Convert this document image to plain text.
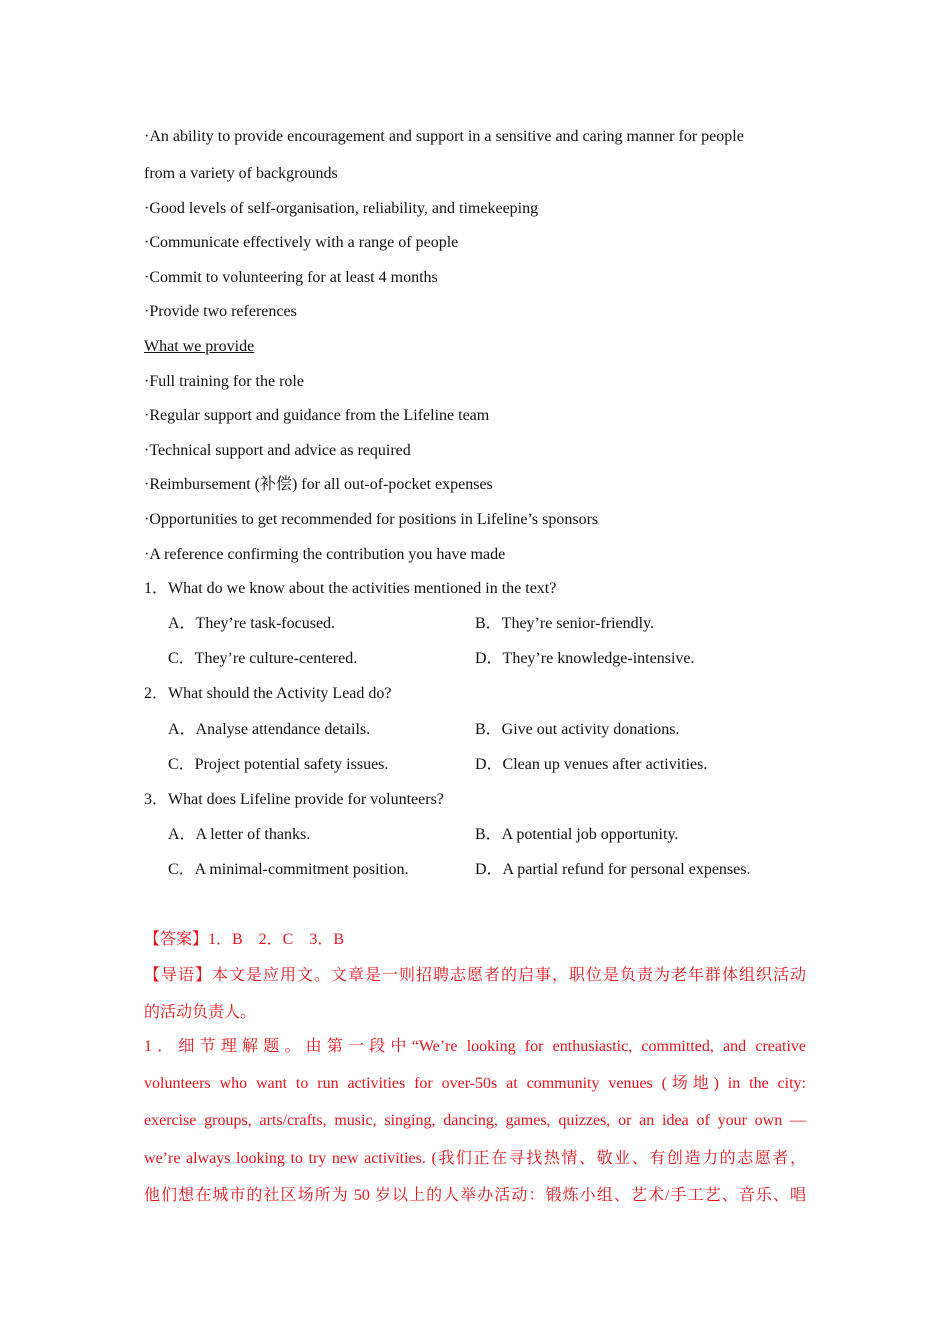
·An ability to provide encouragement and support in a sensitive and caring manner for people
from a variety of backgrounds
·Good levels of self-organisation, reliability, and timekeeping
·Communicate effectively with a range of people
·Commit to volunteering for at least 4 months
·Provide two references
What we provide
·Full training for the role
·Regular support and guidance from the Lifeline team
·Technical support and advice as required
·Reimbursement (补偿) for all out-of-pocket expenses
·Opportunities to get recommended for positions in Lifeline’s sponsors
·A reference confirming the contribution you have made
1．What do we know about the activities mentioned in the text?
A．They’re task-focused.	B．They’re senior-friendly.
C．They’re culture-centered.	D．They’re knowledge-intensive.
2．What should the Activity Lead do?
A．Analyse attendance details.	B．Give out activity donations.
C．Project potential safety issues.	D．Clean up venues after activities.
3．What does Lifeline provide for volunteers?
A．A letter of thanks.	B．A potential job opportunity.
C．A minimal-commitment position.	D．A partial refund for personal expenses.
【答案】1．B　2．C　3．B
【导语】本文是应用文。文章是一则招聘志愿者的启事，职位是负责为老年群体组织活动
的活动负责人。
1．细节理解题。由第一段中“We’re looking for enthusiastic, committed, and creative
volunteers who want to run activities for over-50s at community venues (场地) in the city:
exercise groups, arts/crafts, music, singing, dancing, games, quizzes, or an idea of your own —
we’re always looking to try new activities. (我们正在寻找热情、敬业、有创造力的志愿者，
他们想在城市的社区场所为 50 岁以上的人举办活动：锻炼小组、艺术/手工艺、音乐、唱
